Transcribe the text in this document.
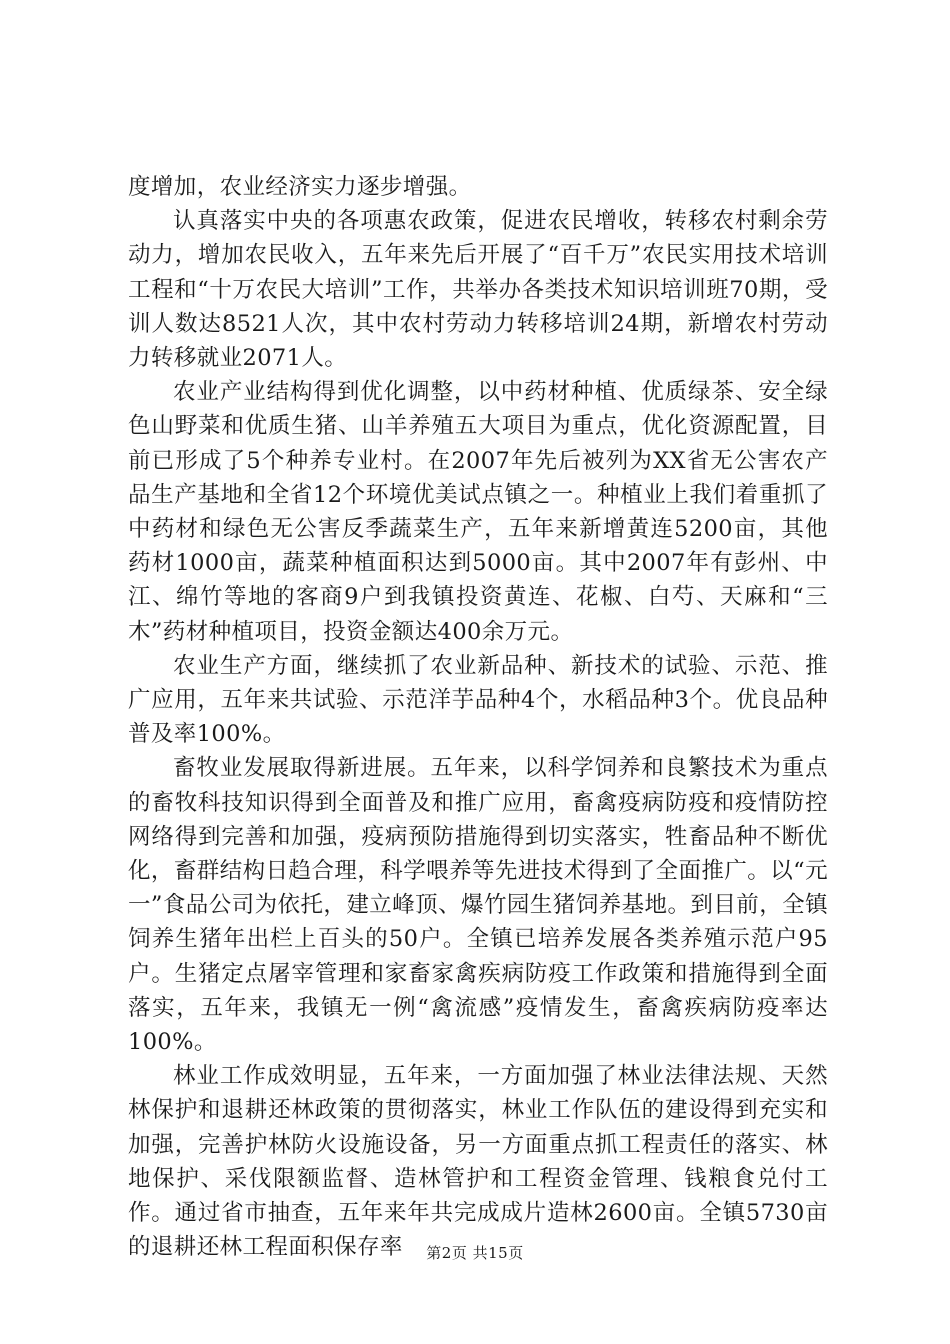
度增加，农业经济实力逐步增强。

认真落实中央的各项惠农政策，促进农民增收，转移农村剩余劳动力，增加农民收入，五年来先后开展了“百千万”农民实用技术培训工程和“十万农民大培训”工作，共举办各类技术知识培训班70期，受训人数达8521人次，其中农村劳动力转移培训24期，新增农村劳动力转移就业2071人。

农业产业结构得到优化调整，以中药材种植、优质绿茶、安全绿色山野菜和优质生猪、山羊养殖五大项目为重点，优化资源配置，目前已形成了5个种养专业村。在2007年先后被列为XX省无公害农产品生产基地和全省12个环境优美试点镇之一。种植业上我们着重抓了中药材和绿色无公害反季蔬菜生产，五年来新增黄连5200亩，其他药材1000亩，蔬菜种植面积达到5000亩。其中2007年有彭州、中江、绵竹等地的客商9户到我镇投资黄连、花椒、白芍、天麻和“三木”药材种植项目，投资金额达400余万元。

农业生产方面，继续抓了农业新品种、新技术的试验、示范、推广应用，五年来共试验、示范洋芋品种4个，水稻品种3个。优良品种普及率100%。

畜牧业发展取得新进展。五年来，以科学饲养和良繁技术为重点的畜牧科技知识得到全面普及和推广应用，畜禽疫病防疫和疫情防控网络得到完善和加强，疫病预防措施得到切实落实，牲畜品种不断优化，畜群结构日趋合理，科学喂养等先进技术得到了全面推广。以“元一”食品公司为依托，建立峰顶、爆竹园生猪饲养基地。到目前，全镇饲养生猪年出栏上百头的50户。全镇已培养发展各类养殖示范户95户。生猪定点屠宰管理和家畜家禽疾病防疫工作政策和措施得到全面落实，五年来，我镇无一例“禽流感”疫情发生，畜禽疾病防疫率达100%。

林业工作成效明显，五年来，一方面加强了林业法律法规、天然林保护和退耕还林政策的贯彻落实，林业工作队伍的建设得到充实和加强，完善护林防火设施设备，另一方面重点抓工程责任的落实、林地保护、采伐限额监督、造林管护和工程资金管理、钱粮食兑付工作。通过省市抽查，五年来年共完成成片造林2600亩。全镇5730亩的退耕还林工程面积保存率	第2页 共15页
